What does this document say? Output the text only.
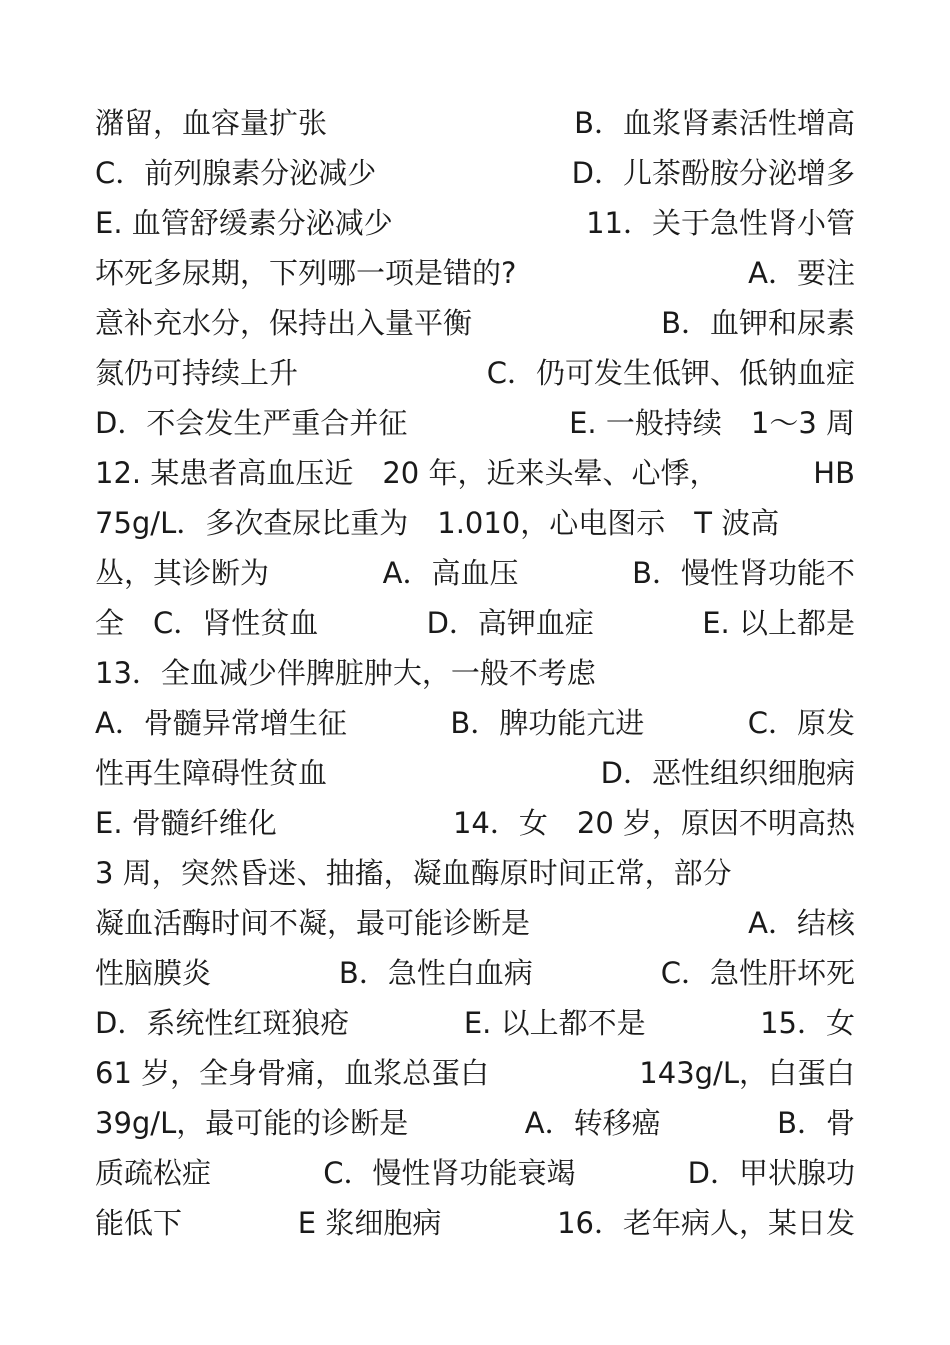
潴留，血容量扩张	B．血浆肾素活性增高
C．前列腺素分泌减少	D．儿茶酚胺分泌增多
E. 血管舒缓素分泌减少	11．关于急性肾小管
坏死多尿期，下列哪一项是错的?	A．要注
意补充水分，保持出入量平衡	B．血钾和尿素
氮仍可持续上升	C．仍可发生低钾、低钠血症
D．不会发生严重合并征	E. 一般持续　1～3 周
12. 某患者高血压近　20 年，近来头晕、心悸，	HB
75g/L．多次查尿比重为　1.010，心电图示　T 波高
丛，其诊断为	A．高血压	B．慢性肾功能不
全　C．肾性贫血	D．高钾血症	E. 以上都是
13．全血减少伴脾脏肿大，一般不考虑
A．骨髓异常增生征	B．脾功能亢进	C．原发
性再生障碍性贫血	D．恶性组织细胞病
E. 骨髓纤维化	14．女　20 岁，原因不明高热
3 周，突然昏迷、抽搐，凝血酶原时间正常，部分
凝血活酶时间不凝，最可能诊断是	A．结核
性脑膜炎	B．急性白血病	C．急性肝坏死
D．系统性红斑狼疮	E. 以上都不是	15．女
61 岁，全身骨痛，血浆总蛋白	143g/L，白蛋白
39g/L，最可能的诊断是	A．转移癌	B．骨
质疏松症	C．慢性肾功能衰竭	D．甲状腺功
能低下	E 浆细胞病	16．老年病人，某日发
